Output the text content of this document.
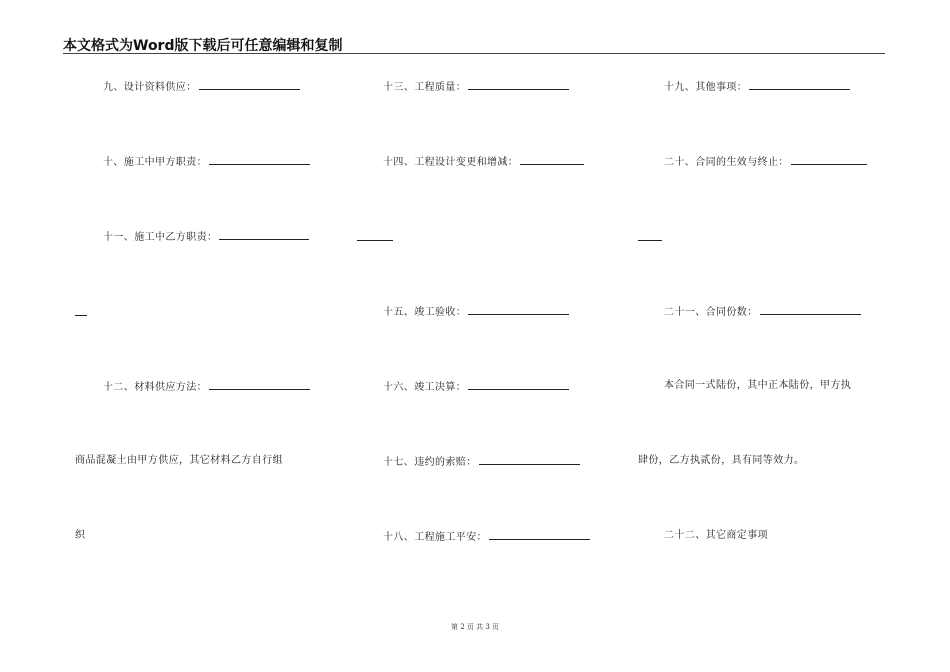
本文格式为Word版下载后可任意编辑和复制
九、设计资料供应：
十、施工中甲方职责：
十一、施工中乙方职责：
十二、材料供应方法：
商品混凝土由甲方供应，其它材料乙方自行组
织
十三、工程质量：
十四、工程设计变更和增减：
十五、竣工验收：
十六、竣工决算：
十七、违约的索赔：
十八、工程施工平安：
十九、其他事项：
二十、合同的生效与终止：
二十一、合同份数：
本合同一式陆份，其中正本陆份，甲方执
肆份，乙方执贰份，具有同等效力。
二十二、其它商定事项
第 2 页 共 3 页
